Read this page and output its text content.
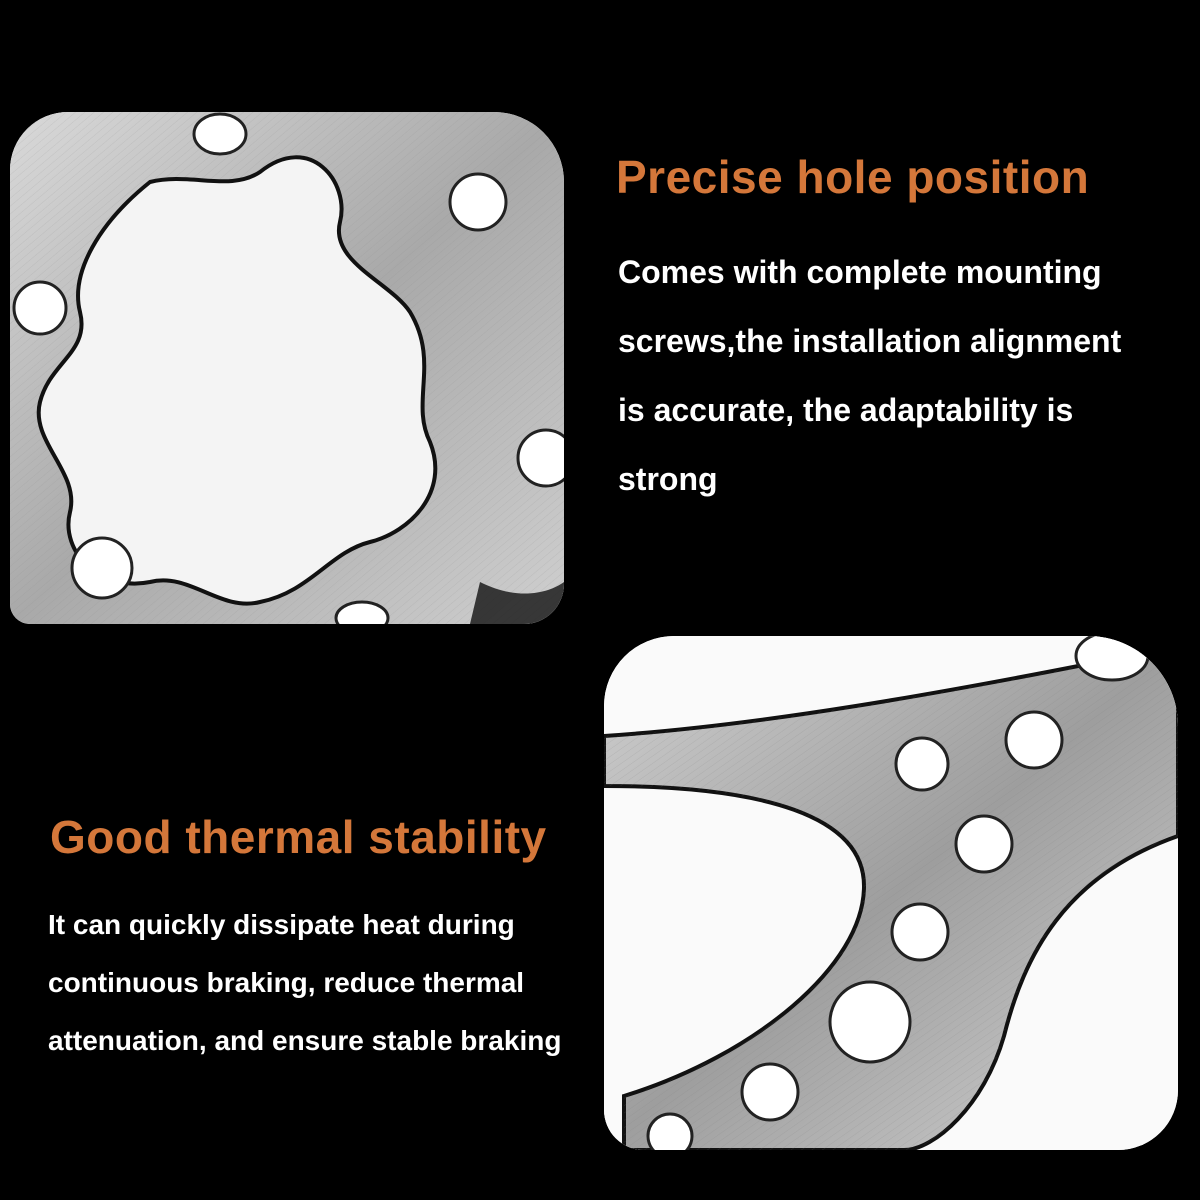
Precise hole position
Comes with complete mounting
screws,the installation alignment
is accurate, the adaptability is
strong
Good thermal stability
It can quickly dissipate heat during
continuous braking, reduce thermal
attenuation, and ensure stable braking
